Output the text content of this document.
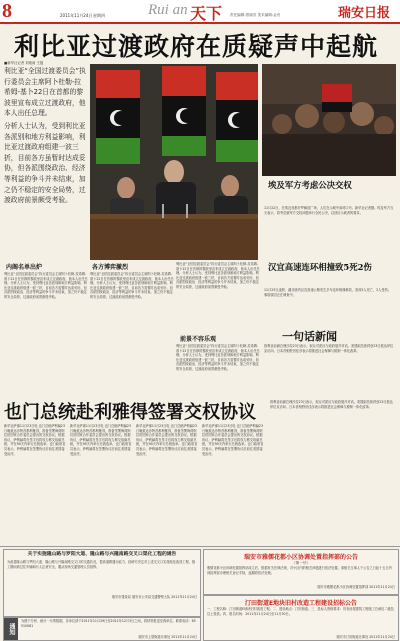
8	2011年11月24日 星期四	Rui an 天下 责任编辑:蔡丽芳 美术编辑:金舟	瑞安日报
利比亚过渡政府在质疑声中起航
■新华社记者 刘迪南 王磊
利比亚“全国过渡委员会”执行委员会主席阿卜杜勒-拉希姆-基卜22日在首都的黎波里宣布成立过渡政府，他本人出任总理。
分析人士认为，受到利比亚各派别和地方利益影响，利比亚过渡政府组建一波三折，目前各方虽暂时达成妥协，但各派围绕政治、经济等利益的争斗并未结束，加之仍不稳定的安全局势，过渡政府前景颇受考验。
埃及军方考虑公决交权
11月22日，在埃及首都开罗解放广场，人们在示威中高呼口号。新华社记者摄。埃及军方当天表示，将考虑就军方交权问题举行全民公决，以回应示威者的要求。
汉宜高速连环相撞致5死2伤
11月23日凌晨，湖北境内汉宜高速公路发生多车连环相撞事故，造成5人死亡，2人受伤。事故原因正在调查中。
一句话新闻
叙利亚前副总理沙拉23日表示，叙反对派应与政府展开对话。美国副总统拜登23日抵达伊拉克访问。日本首相野田佳彦表示将推进社会保障与税制一体化改革。
内阁名单出炉
利比亚“全国过渡委员会”执行委员会主席阿卜杜勒-拉希姆-基卜22日在首都的黎波里宣布成立过渡政府，他本人出任总理。分析人士认为，受到利比亚各派别和地方利益影响，利比亚过渡政府组建一波三折，目前各方虽暂时达成妥协，但各派围绕政治、经济等利益的争斗并未结束，加之仍不稳定的安全局势，过渡政府前景颇受考验。
各方博弈激烈
利比亚“全国过渡委员会”执行委员会主席阿卜杜勒-拉希姆-基卜22日在首都的黎波里宣布成立过渡政府，他本人出任总理。分析人士认为，受到利比亚各派别和地方利益影响，利比亚过渡政府组建一波三折，目前各方虽暂时达成妥协，但各派围绕政治、经济等利益的争斗并未结束，加之仍不稳定的安全局势，过渡政府前景颇受考验。
利比亚“全国过渡委员会”执行委员会主席阿卜杜勒-拉希姆-基卜22日在首都的黎波里宣布成立过渡政府，他本人出任总理。分析人士认为，受到利比亚各派别和地方利益影响，利比亚过渡政府组建一波三折，目前各方虽暂时达成妥协，但各派围绕政治、经济等利益的争斗并未结束，加之仍不稳定的安全局势，过渡政府前景颇受考验。
前景不容乐观
利比亚“全国过渡委员会”执行委员会主席阿卜杜勒-拉希姆-基卜22日在首都的黎波里宣布成立过渡政府，他本人出任总理。分析人士认为，受到利比亚各派别和地方利益影响，利比亚过渡政府组建一波三折，目前各方虽暂时达成妥协，但各派围绕政治、经济等利益的争斗并未结束，加之仍不稳定的安全局势，过渡政府前景颇受考验。
也门总统赴利雅得签署交权协议
新华社萨那11月23日电 也门总统萨利赫23日晚抵达沙特首都利雅得，准备签署海湾阿拉伯国家合作委员会提出的交权协议。根据协议，萨利赫将在签字后将权力移交给副总统，并在90天内举行总统选举。也门政府官员表示，萨利赫将在签署协议后前往美国接受治疗。
新华社萨那11月23日电 也门总统萨利赫23日晚抵达沙特首都利雅得，准备签署海湾阿拉伯国家合作委员会提出的交权协议。根据协议，萨利赫将在签字后将权力移交给副总统，并在90天内举行总统选举。也门政府官员表示，萨利赫将在签署协议后前往美国接受治疗。
新华社萨那11月23日电 也门总统萨利赫23日晚抵达沙特首都利雅得，准备签署海湾阿拉伯国家合作委员会提出的交权协议。根据协议，萨利赫将在签字后将权力移交给副总统，并在90天内举行总统选举。也门政府官员表示，萨利赫将在签署协议后前往美国接受治疗。
新华社萨那11月23日电 也门总统萨利赫23日晚抵达沙特首都利雅得，准备签署海湾阿拉伯国家合作委员会提出的交权协议。根据协议，萨利赫将在签字后将权力移交给副总统，并在90天内举行总统选举。也门政府官员表示，萨利赫将在签署协议后前往美国接受治疗。
叙利亚前副总理沙拉23日表示，叙反对派应与政府展开对话。美国副总统拜登23日抵达伊拉克访问。日本首相野田佳彦表示将推进社会保障与税制一体化改革。
关于实施隆山路与罗阳大道、隆山路与兴隆南路交叉口渠化工程的通告
为改善隆山路与罗阳大道、隆山路与兴隆南路交叉口的交通状况，提高道路通行能力，经研究决定对上述交叉口实施渠化改造工程。施工期间请过往车辆和行人注意安全，服从现场交通管理人员指挥。
瑞安市建设局 瑞安市公安局交通警察大队 2011年11月24日
通知
为便于分析、统计一月的数据，各单位请于2011年11月29日至2011年12月3日之间，将材料报送至我单位。联系电话：65510081
瑞安市上望街道办事处 2011年11月24日
瑞安市雅儒花都小区协调处置指挥部的公告
（第一号）
雅儒花都小区协调处置指挥部成立后，根据有关法律法规，对小区内的相关问题进行依法处置。请相关当事人于公告之日起十五日内到指挥部办理相关登记手续，逾期将依法处理。
瑞安市雅儒花都小区协调处置指挥部 2011年11月24日
汀田街道E地块旧村改造工程建设招标公告
一、工程名称：汀田街道E地块旧村改造工程。二、建设地点：汀田街道。三、投标人资格要求：具有房屋建筑工程施工总承包二级及以上资质。四、报名时间：2011年11月24日至11月30日。
瑞安市汀田街道办事处 2011年11月24日
